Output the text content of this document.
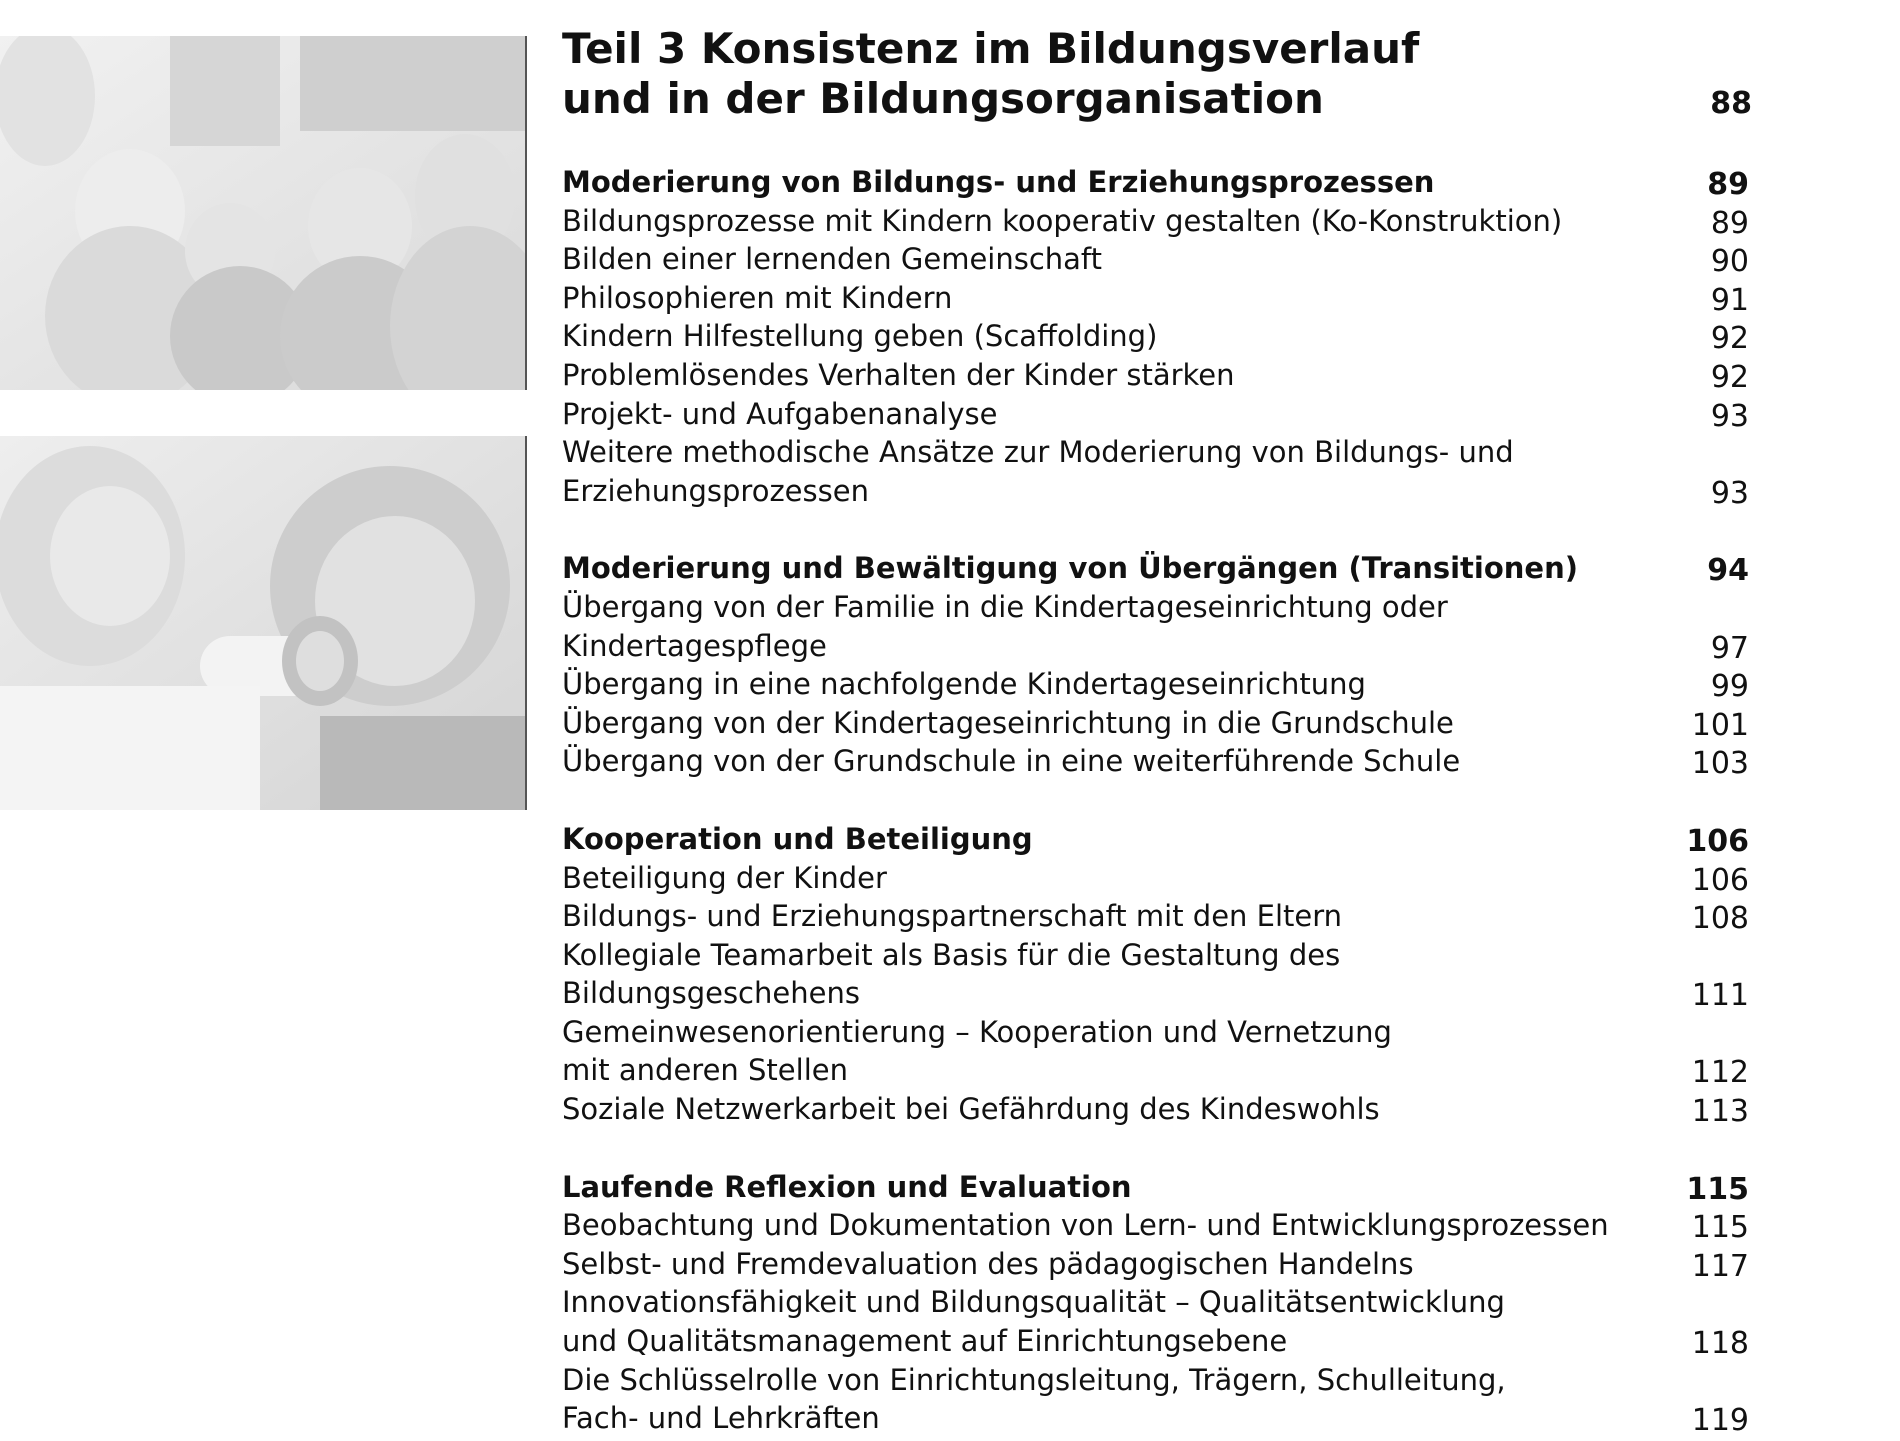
Teil 3 Konsistenz im Bildungsverlauf
und in der Bildungsorganisation	88
Moderierung von Bildungs- und Erziehungsprozessen	89
Bildungsprozesse mit Kindern kooperativ gestalten (Ko-Konstruktion)	89
Bilden einer lernenden Gemeinschaft	90
Philosophieren mit Kindern	91
Kindern Hilfestellung geben (Scaffolding)	92
Problemlösendes Verhalten der Kinder stärken	92
Projekt- und Aufgabenanalyse	93
Weitere methodische Ansätze zur Moderierung von Bildungs- und
Erziehungsprozessen	93
Moderierung und Bewältigung von Übergängen (Transitionen)	94
Übergang von der Familie in die Kindertageseinrichtung oder
Kindertagespflege	97
Übergang in eine nachfolgende Kindertageseinrichtung	99
Übergang von der Kindertageseinrichtung in die Grundschule	101
Übergang von der Grundschule in eine weiterführende Schule	103
Kooperation und Beteiligung	106
Beteiligung der Kinder	106
Bildungs- und Erziehungspartnerschaft mit den Eltern	108
Kollegiale Teamarbeit als Basis für die Gestaltung des
Bildungsgeschehens	111
Gemeinwesenorientierung – Kooperation und Vernetzung
mit anderen Stellen	112
Soziale Netzwerkarbeit bei Gefährdung des Kindeswohls	113
Laufende Reflexion und Evaluation	115
Beobachtung und Dokumentation von Lern- und Entwicklungsprozessen	115
Selbst- und Fremdevaluation des pädagogischen Handelns	117
Innovationsfähigkeit und Bildungsqualität – Qualitätsentwicklung
und Qualitätsmanagement auf Einrichtungsebene	118
Die Schlüsselrolle von Einrichtungsleitung, Trägern, Schulleitung,
Fach- und Lehrkräften	119
